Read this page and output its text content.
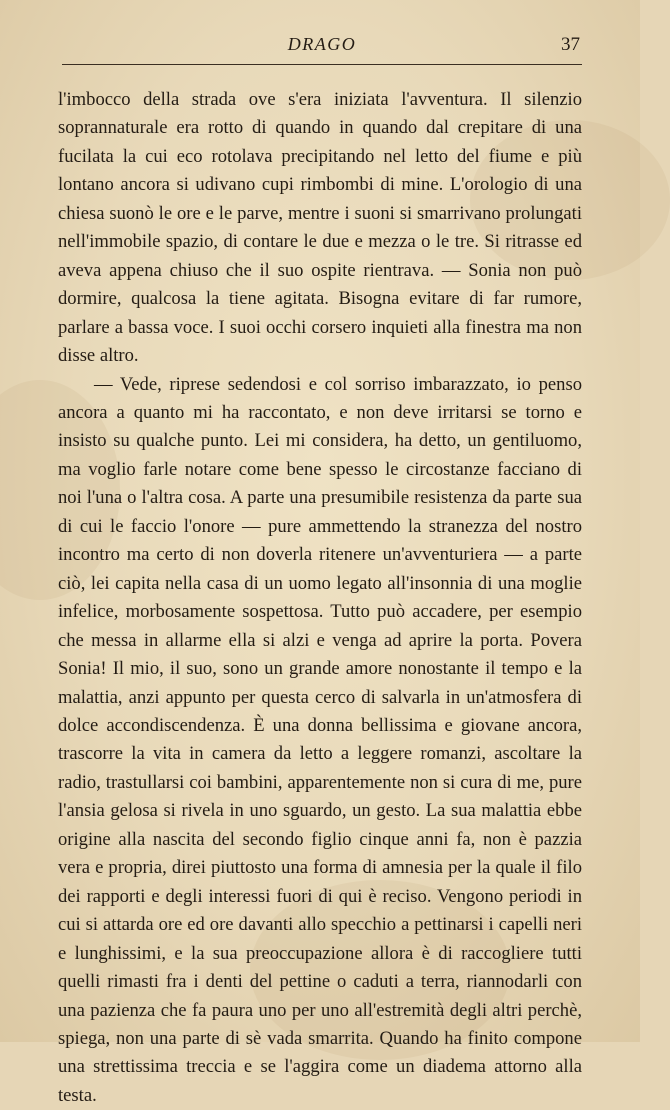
DRAGO	37

l'imbocco della strada ove s'era iniziata l'avventura. Il silenzio soprannaturale era rotto di quando in quando dal crepitare di una fucilata la cui eco rotolava precipitando nel letto del fiume e più lontano ancora si udivano cupi rimbombi di mine. L'orologio di una chiesa suonò le ore e le parve, mentre i suoni si smarrivano prolungati nell'immobile spazio, di contare le due e mezza o le tre. Si ritrasse ed aveva appena chiuso che il suo ospite rientrava. — Sonia non può dormire, qualcosa la tiene agitata. Bisogna evitare di far rumore, parlare a bassa voce. I suoi occhi corsero inquieti alla finestra ma non disse altro.

— Vede, riprese sedendosi e col sorriso imbarazzato, io penso ancora a quanto mi ha raccontato, e non deve irritarsi se torno e insisto su qualche punto. Lei mi considera, ha detto, un gentiluomo, ma voglio farle notare come bene spesso le circostanze facciano di noi l'una o l'altra cosa. A parte una presumibile resistenza da parte sua di cui le faccio l'onore — pure ammettendo la stranezza del nostro incontro ma certo di non doverla ritenere un'avventuriera — a parte ciò, lei capita nella casa di un uomo legato all'insonnia di una moglie infelice, morbosamente sospettosa. Tutto può accadere, per esempio che messa in allarme ella si alzi e venga ad aprire la porta. Povera Sonia! Il mio, il suo, sono un grande amore nonostante il tempo e la malattia, anzi appunto per questa cerco di salvarla in un'atmosfera di dolce accondiscendenza. È una donna bellissima e giovane ancora, trascorre la vita in camera da letto a leggere romanzi, ascoltare la radio, trastullarsi coi bambini, apparentemente non si cura di me, pure l'ansia gelosa si rivela in uno sguardo, un gesto. La sua malattia ebbe origine alla nascita del secondo figlio cinque anni fa, non è pazzia vera e propria, direi piuttosto una forma di amnesia per la quale il filo dei rapporti e degli interessi fuori di qui è reciso. Vengono periodi in cui si attarda ore ed ore davanti allo specchio a pettinarsi i capelli neri e lunghissimi, e la sua preoccupazione allora è di raccogliere tutti quelli rimasti fra i denti del pettine o caduti a terra, riannodarli con una pazienza che fa paura uno per uno all'estremità degli altri perchè, spiega, non una parte di sè vada smarrita. Quando ha finito compone una strettissima treccia e se l'aggira come un diadema attorno alla testa.
